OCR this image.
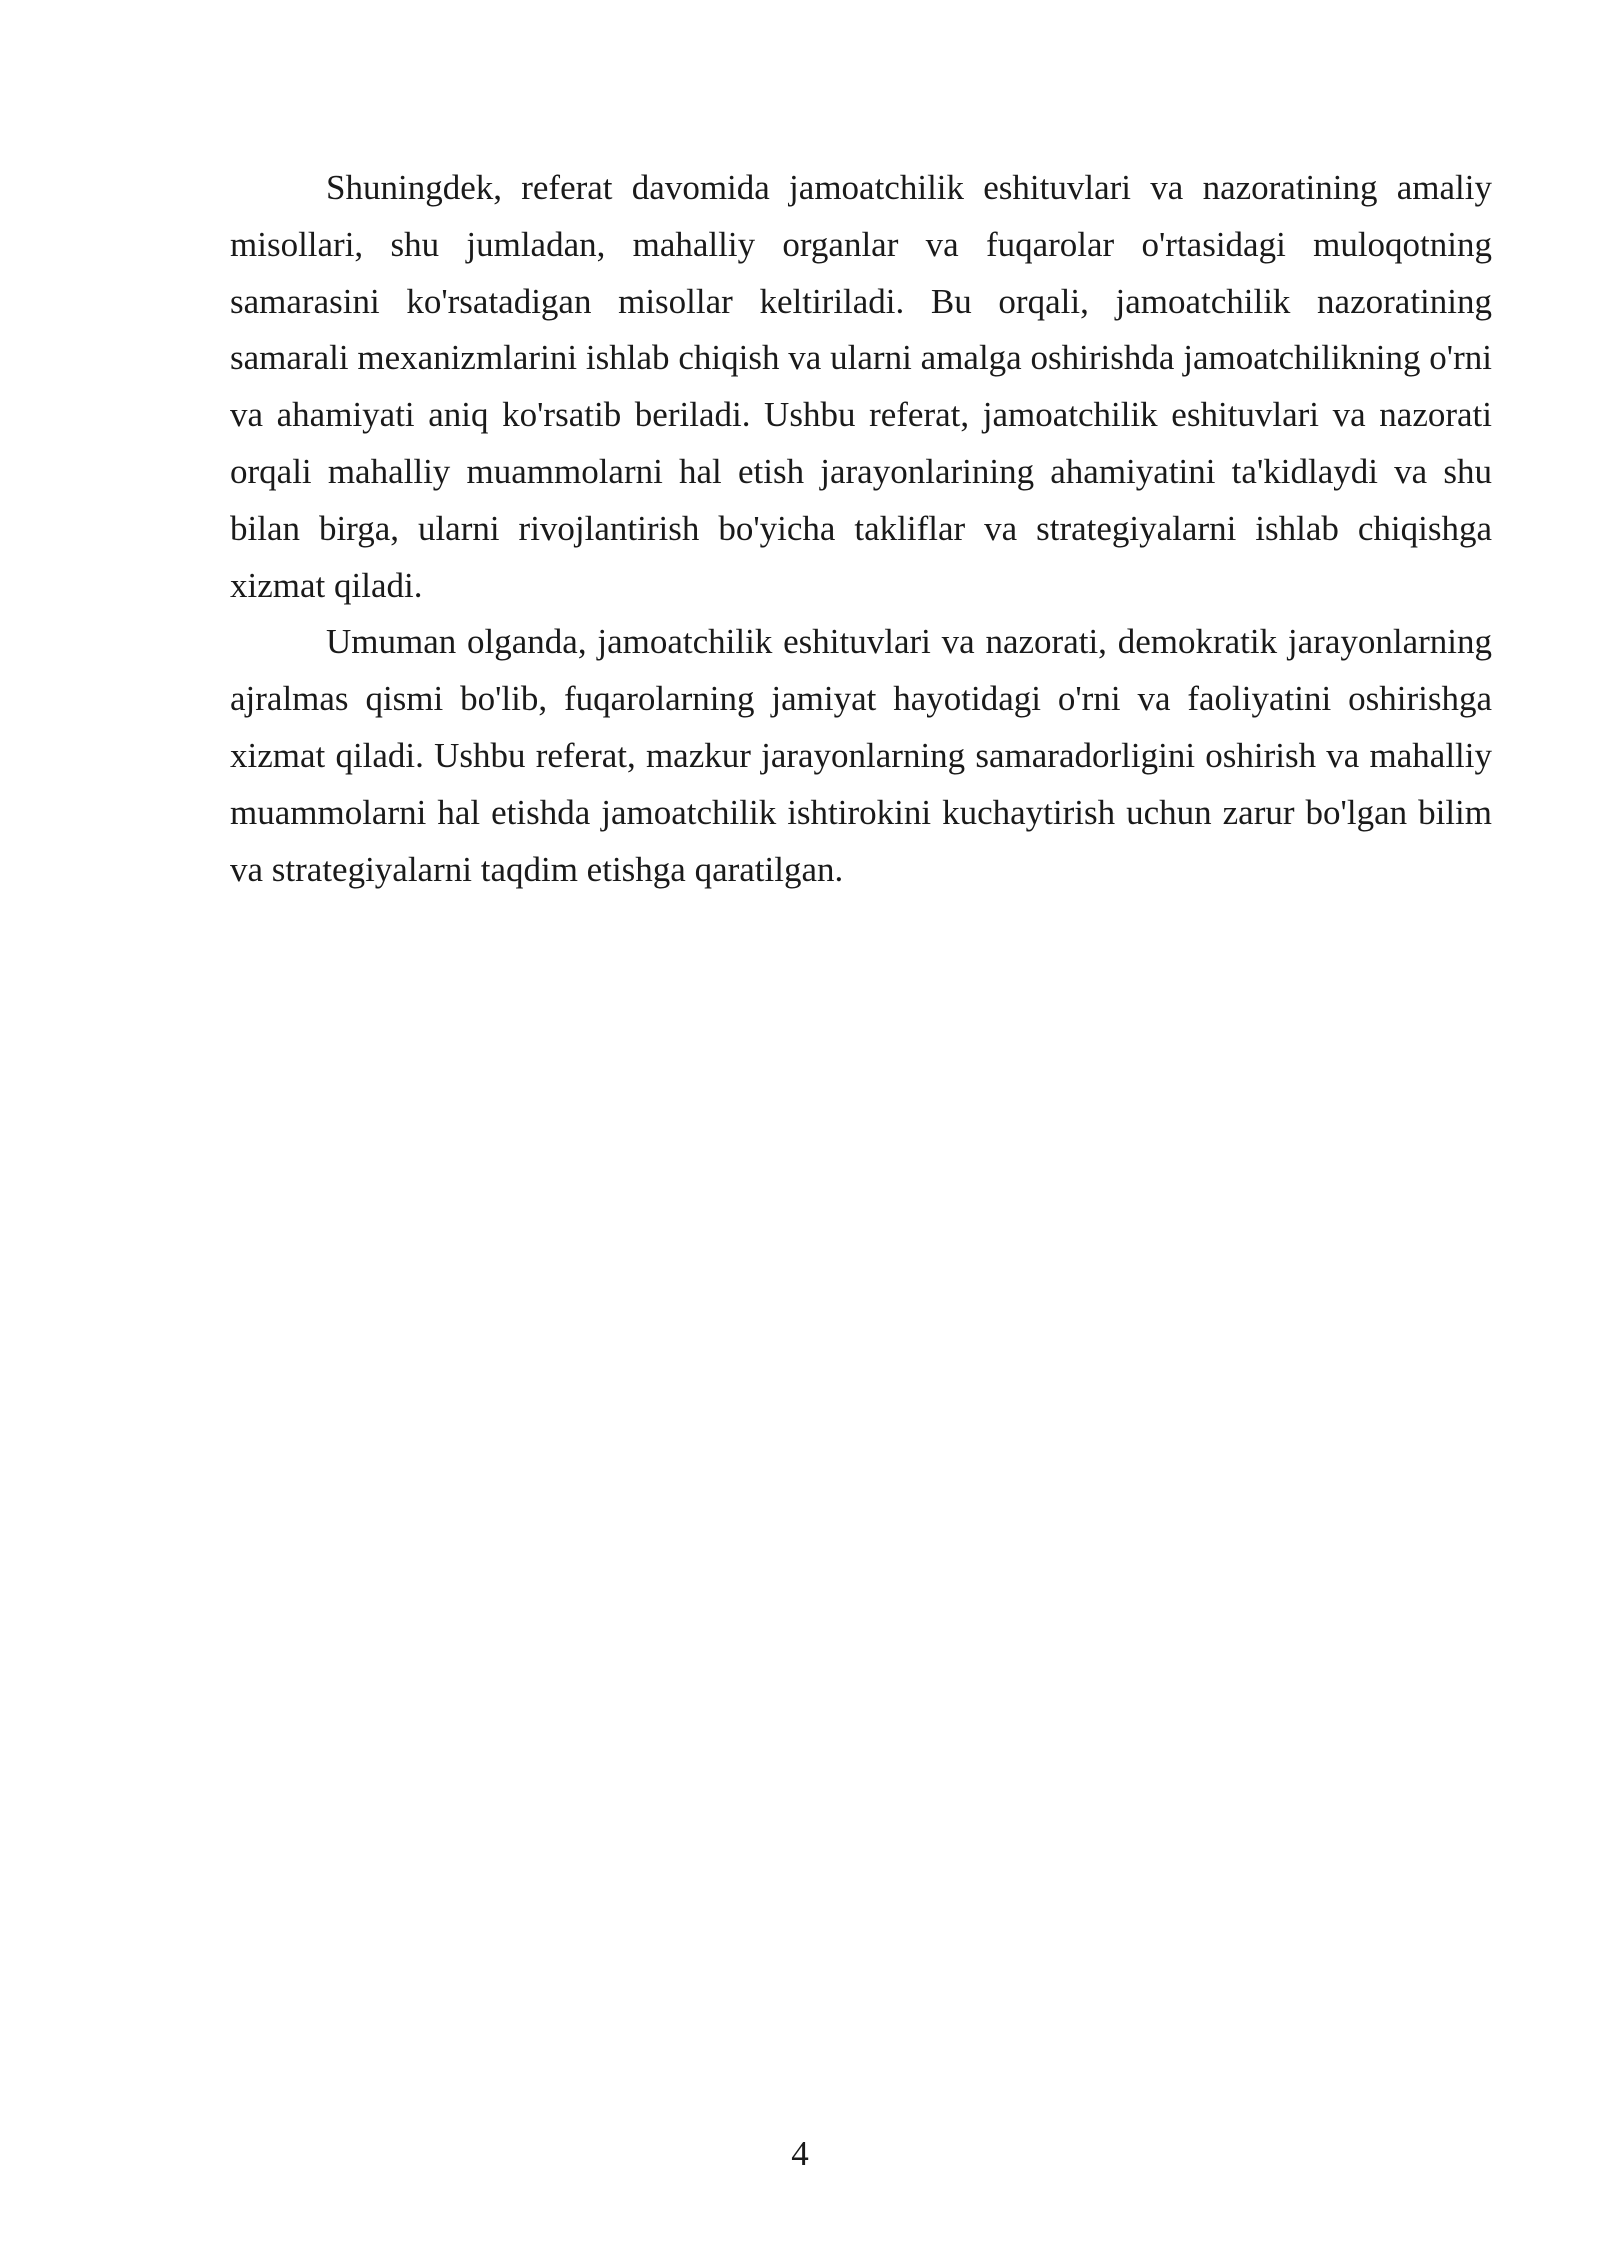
Shuningdek, referat davomida jamoatchilik eshituvlari va nazoratining amaliy misollari, shu jumladan, mahalliy organlar va fuqarolar o'rtasidagi muloqotning samarasini ko'rsatadigan misollar keltiriladi. Bu orqali, jamoatchilik nazoratining samarali mexanizmlarini ishlab chiqish va ularni amalga oshirishda jamoatchilikning o'rni va ahamiyati aniq ko'rsatib beriladi. Ushbu referat, jamoatchilik eshituvlari va nazorati orqali mahalliy muammolarni hal etish jarayonlarining ahamiyatini ta'kidlaydi va shu bilan birga, ularni rivojlantirish bo'yicha takliflar va strategiyalarni ishlab chiqishga xizmat qiladi.

Umuman olganda, jamoatchilik eshituvlari va nazorati, demokratik jarayonlarning ajralmas qismi bo'lib, fuqarolarning jamiyat hayotidagi o'rni va faoliyatini oshirishga xizmat qiladi. Ushbu referat, mazkur jarayonlarning samaradorligini oshirish va mahalliy muammolarni hal etishda jamoatchilik ishtirokini kuchaytirish uchun zarur bo'lgan bilim va strategiyalarni taqdim etishga qaratilgan.

4
